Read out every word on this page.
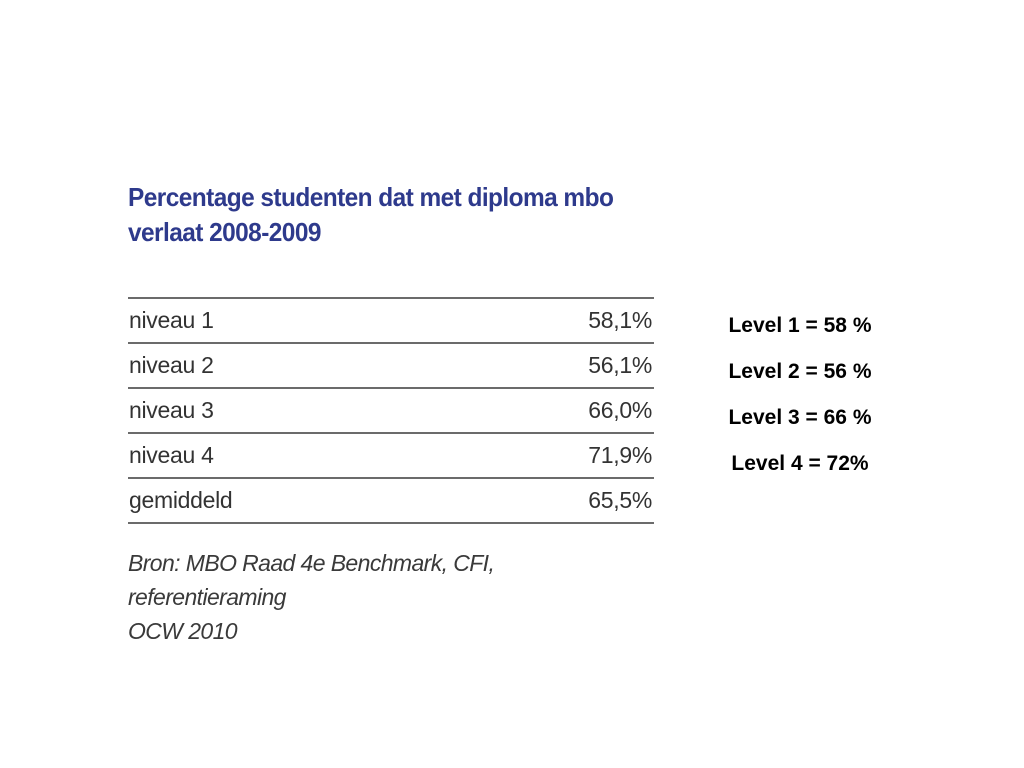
Percentage studenten dat met diploma mbo
verlaat 2008-2009
niveau 1	58,1%
niveau 2	56,1%
niveau 3	66,0%
niveau 4	71,9%
gemiddeld	65,5%

Bron: MBO Raad 4e Benchmark, CFI, referentieraming
OCW 2010

Level 1 = 58 %
Level 2 = 56 %
Level 3 = 66 %
Level 4 = 72%
